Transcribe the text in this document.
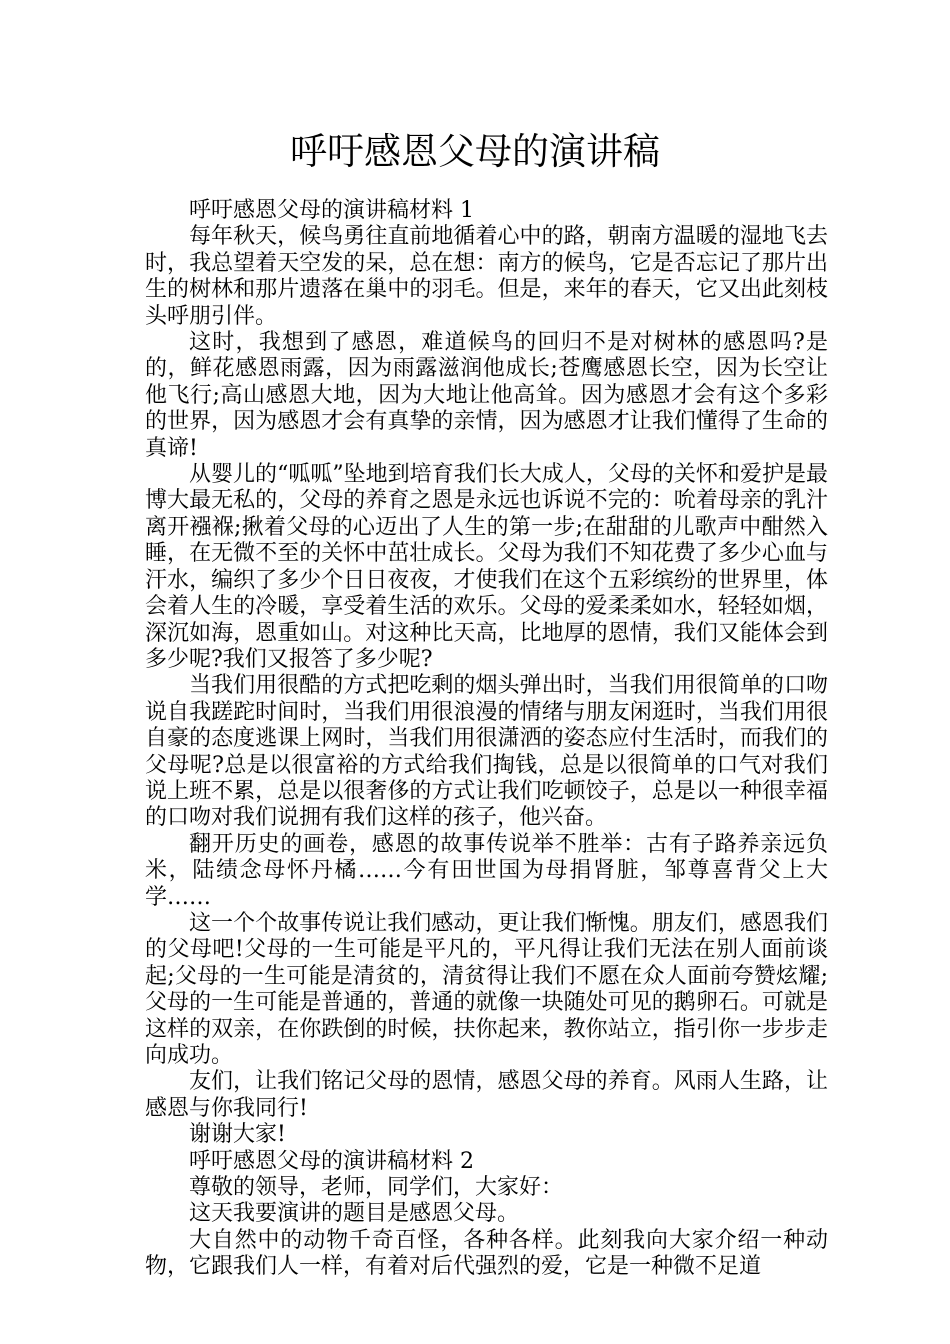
呼吁感恩父母的演讲稿

呼吁感恩父母的演讲稿材料 1

每年秋天，候鸟勇往直前地循着心中的路，朝南方温暖的湿地飞去时，我总望着天空发的呆，总在想：南方的候鸟，它是否忘记了那片出生的树林和那片遗落在巢中的羽毛。但是，来年的春天，它又出此刻枝头呼朋引伴。

这时，我想到了感恩，难道候鸟的回归不是对树林的感恩吗?是的，鲜花感恩雨露，因为雨露滋润他成长;苍鹰感恩长空，因为长空让他飞行;高山感恩大地，因为大地让他高耸。因为感恩才会有这个多彩的世界，因为感恩才会有真挚的亲情，因为感恩才让我们懂得了生命的真谛!

从婴儿的“呱呱”坠地到培育我们长大成人，父母的关怀和爱护是最博大最无私的，父母的养育之恩是永远也诉说不完的：吮着母亲的乳汁离开襁褓;揪着父母的心迈出了人生的第一步;在甜甜的儿歌声中酣然入睡，在无微不至的关怀中茁壮成长。父母为我们不知花费了多少心血与汗水，编织了多少个日日夜夜，才使我们在这个五彩缤纷的世界里，体会着人生的冷暖，享受着生活的欢乐。父母的爱柔柔如水，轻轻如烟，深沉如海，恩重如山。对这种比天高，比地厚的恩情，我们又能体会到多少呢?我们又报答了多少呢?

当我们用很酷的方式把吃剩的烟头弹出时，当我们用很简单的口吻说自我蹉跎时间时，当我们用很浪漫的情绪与朋友闲逛时，当我们用很自豪的态度逃课上网时，当我们用很潇洒的姿态应付生活时，而我们的父母呢?总是以很富裕的方式给我们掏钱，总是以很简单的口气对我们说上班不累，总是以很奢侈的方式让我们吃顿饺子，总是以一种很幸福的口吻对我们说拥有我们这样的孩子，他兴奋。

翻开历史的画卷，感恩的故事传说举不胜举：古有子路养亲远负米，陆绩念母怀丹橘……今有田世国为母捐肾脏，邹尊喜背父上大学……

这一个个故事传说让我们感动，更让我们惭愧。朋友们，感恩我们的父母吧!父母的一生可能是平凡的，平凡得让我们无法在别人面前谈起;父母的一生可能是清贫的，清贫得让我们不愿在众人面前夸赞炫耀;父母的一生可能是普通的，普通的就像一块随处可见的鹅卵石。可就是这样的双亲，在你跌倒的时候，扶你起来，教你站立，指引你一步步走向成功。

友们，让我们铭记父母的恩情，感恩父母的养育。风雨人生路，让感恩与你我同行!

谢谢大家!

呼吁感恩父母的演讲稿材料 2

尊敬的领导，老师，同学们，大家好：

这天我要演讲的题目是感恩父母。

大自然中的动物千奇百怪，各种各样。此刻我向大家介绍一种动物，它跟我们人一样，有着对后代强烈的爱，它是一种微不足道
